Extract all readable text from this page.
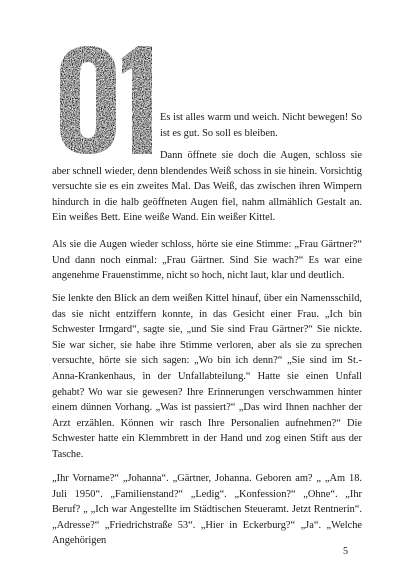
Es ist alles warm und weich. Nicht bewegen! So ist es gut. So soll es bleiben.

Dann öffnete sie doch die Augen, schloss sie aber schnell wieder, denn blendendes Weiß schoss in sie hinein. Vorsichtig versuchte sie es ein zweites Mal. Das Weiß, das zwischen ihren Wimpern hindurch in die halb geöffneten Augen fiel, nahm allmählich Gestalt an. Ein weißes Bett. Eine weiße Wand. Ein weißer Kittel.

Als sie die Augen wieder schloss, hörte sie eine Stimme: „Frau Gärtner?“ Und dann noch einmal: „Frau Gärtner. Sind Sie wach?“ Es war eine angenehme Frauenstimme, nicht so hoch, nicht laut, klar und deutlich.

Sie lenkte den Blick an dem weißen Kittel hinauf, über ein Namensschild, das sie nicht entziffern konnte, in das Gesicht einer Frau. „Ich bin Schwester Irmgard“, sagte sie, „und Sie sind Frau Gärtner?“ Sie nickte. Sie war sicher, sie habe ihre Stimme verloren, aber als sie zu sprechen versuchte, hörte sie sich sagen: „Wo bin ich denn?“ „Sie sind im St.-Anna-Krankenhaus, in der Unfallabteilung.“ Hatte sie einen Unfall gehabt? Wo war sie gewesen? Ihre Erinnerungen verschwammen hinter einem dünnen Vorhang. „Was ist passiert?“ „Das wird Ihnen nachher der Arzt erzählen. Können wir rasch Ihre Personalien aufnehmen?“ Die Schwester hatte ein Klemmbrett in der Hand und zog einen Stift aus der Tasche.

„Ihr Vorname?“ „Johanna“. „Gärtner, Johanna. Geboren am? „ „Am 18. Juli 1950“. „Familienstand?“ „Ledig“. „Konfession?“ „Ohne“. „Ihr Beruf? „ „Ich war Angestellte im Städtischen Steueramt. Jetzt Rentnerin“. „Adresse?“ „Friedrichstraße 53“. „Hier in Eckerburg?“ „Ja“. „Welche Angehörigen

5
